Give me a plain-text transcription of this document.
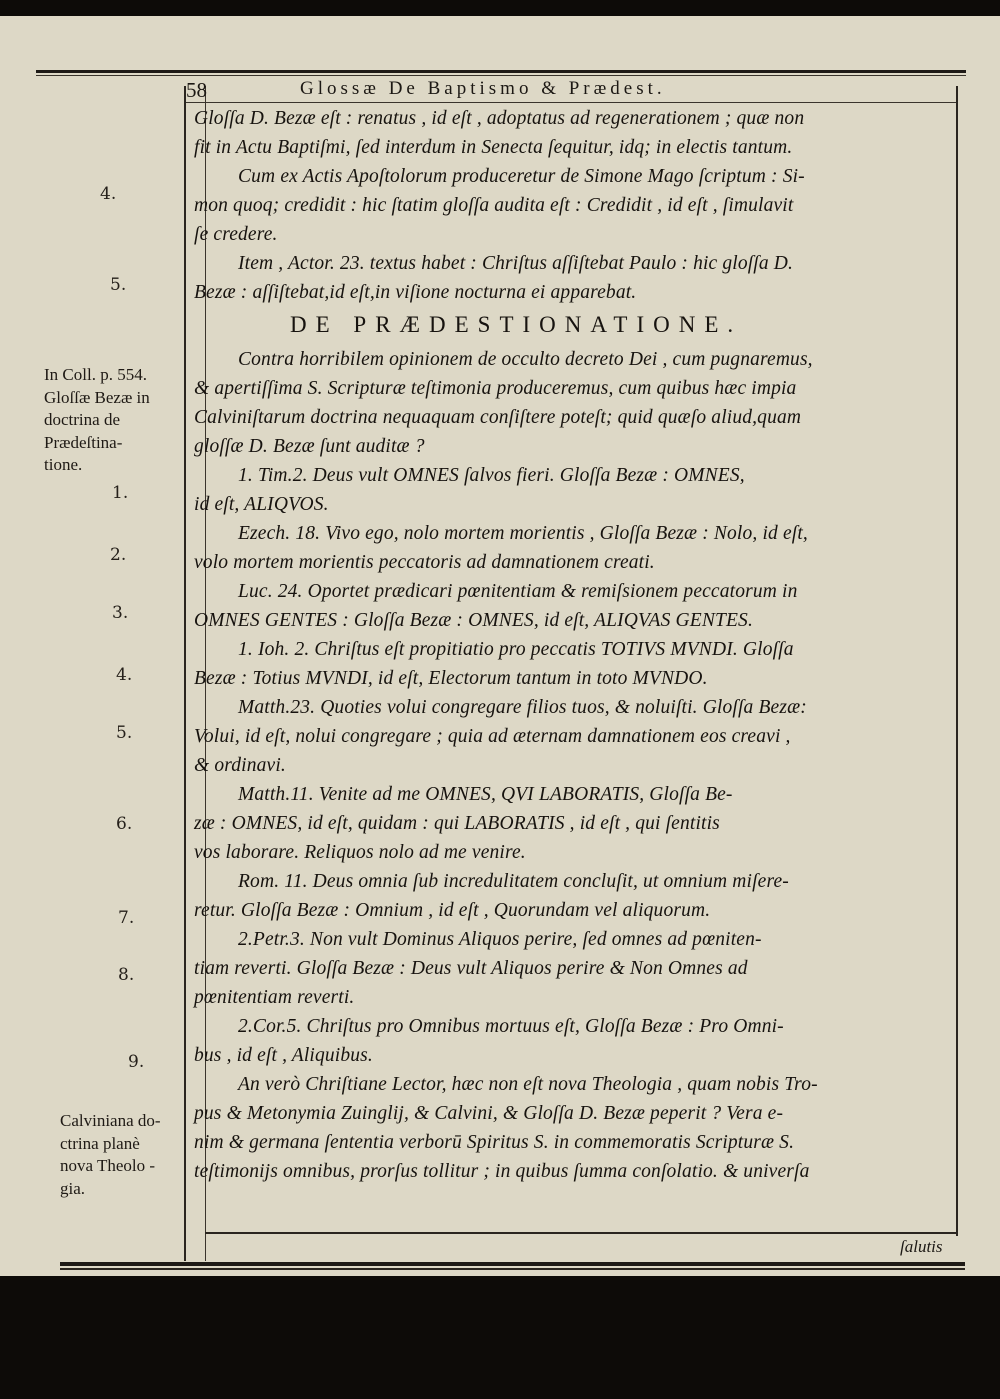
58	Glossæ De Baptismo & Prædest.
Gloſſa D. Bezæ eſt : renatus , id eſt , adoptatus ad regenerationem ; quæ non
fit in Actu Baptiſmi, ſed interdum in Senecta ſequitur, idq; in electis tantum.
Cum ex Actis Apoſtolorum produceretur de Simone Mago ſcriptum : Si-
mon quoq; credidit : hic ſtatim gloſſa audita eſt : Credidit , id eſt , ſimulavit
ſe credere.
Item , Actor. 23. textus habet : Chriſtus aſſiſtebat Paulo : hic gloſſa D.
Bezæ : aſſiſtebat,id eſt,in viſione nocturna ei apparebat.
DE PRÆDESTIONATIONE.
Contra horribilem opinionem de occulto decreto Dei , cum pugnaremus,
& apertiſſima S. Scripturæ teſtimonia produceremus, cum quibus hæc impia
Calviniſtarum doctrina nequaquam conſiſtere poteſt; quid quæſo aliud,quam
gloſſæ D. Bezæ ſunt auditæ ?
1. Tim.2. Deus vult OMNES ſalvos fieri. Gloſſa Bezæ : OMNES,
id eſt, ALIQVOS.
Ezech. 18. Vivo ego, nolo mortem morientis , Gloſſa Bezæ : Nolo, id eſt,
volo mortem morientis peccatoris ad damnationem creati.
Luc. 24. Oportet prædicari pœnitentiam & remiſsionem peccatorum in
OMNES GENTES : Gloſſa Bezæ : OMNES, id eſt, ALIQVAS GENTES.
1. Ioh. 2. Chriſtus eſt propitiatio pro peccatis TOTIVS MVNDI. Gloſſa
Bezæ : Totius MVNDI, id eſt, Electorum tantum in toto MVNDO.
Matth.23. Quoties volui congregare filios tuos, & noluiſti. Gloſſa Bezæ:
Volui, id eſt, nolui congregare ; quia ad æternam damnationem eos creavi ,
& ordinavi.
Matth.11. Venite ad me OMNES, QVI LABORATIS, Gloſſa Be-
zæ : OMNES, id eſt, quidam : qui LABORATIS , id eſt , qui ſentitis
vos laborare. Reliquos nolo ad me venire.
Rom. 11. Deus omnia ſub incredulitatem concluſit, ut omnium miſere-
retur. Gloſſa Bezæ : Omnium , id eſt , Quorundam vel aliquorum.
2.Petr.3. Non vult Dominus Aliquos perire, ſed omnes ad pœniten-
tiam reverti. Gloſſa Bezæ : Deus vult Aliquos perire & Non Omnes ad
pœnitentiam reverti.
2.Cor.5. Chriſtus pro Omnibus mortuus eſt, Gloſſa Bezæ : Pro Omni-
bus , id eſt , Aliquibus.
An verò Chriſtiane Lector, hæc non eſt nova Theologia , quam nobis Tro-
pus & Metonymia Zuinglij, & Calvini, & Gloſſa D. Bezæ peperit ? Vera e-
nim & germana ſententia verborū Spiritus S. in commemoratis Scripturæ S.
teſtimonijs omnibus, prorſus tollitur ; in quibus ſumma conſolatio. & univerſa
4.
5.
In Coll. p. 554.
Gloſſæ Bezæ in
doctrina de
Prædeſtina-
tione.
1.
2.
3.
4.
5.
6.
7.
8.
9.
Calviniana do-
ctrina planè
nova Theolo -
gia.
ſalutis
